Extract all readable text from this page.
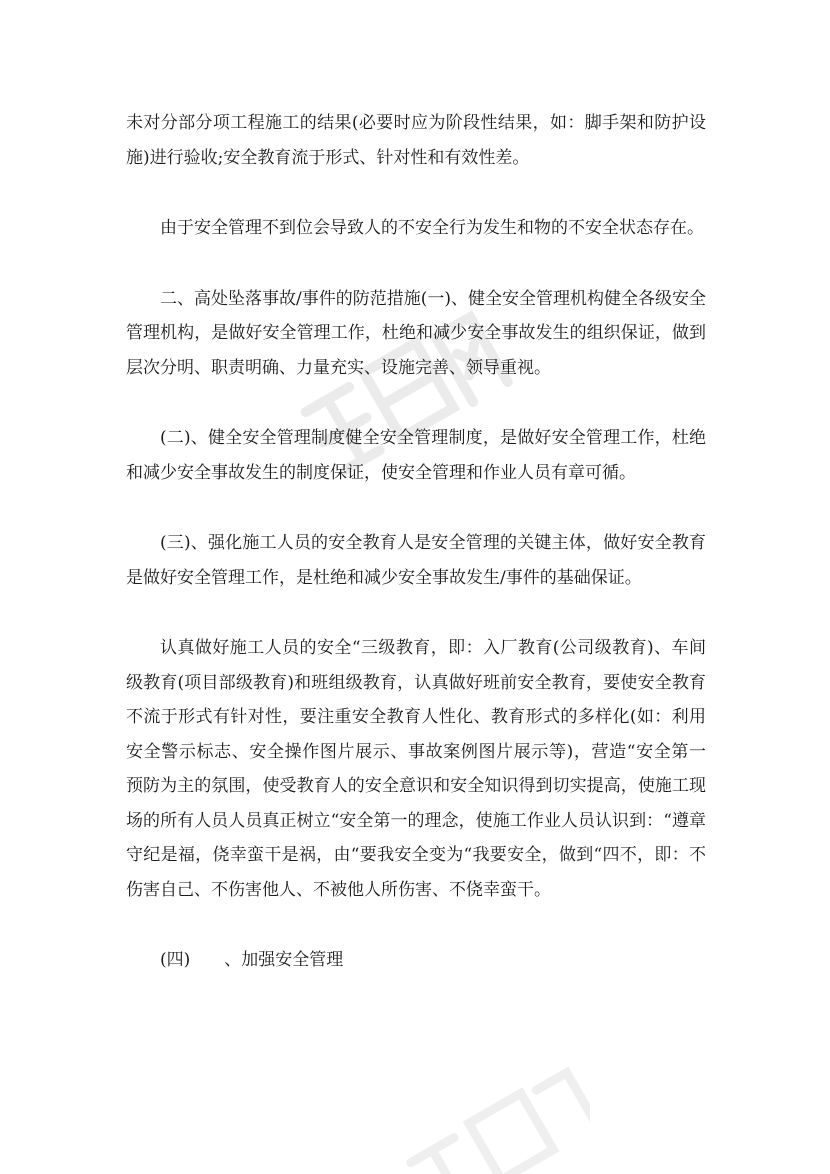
未对分部分项工程施工的结果(必要时应为阶段性结果，如：脚手架和防护设施)进行验收;安全教育流于形式、针对性和有效性差。

由于安全管理不到位会导致人的不安全行为发生和物的不安全状态存在。

二、高处坠落事故/事件的防范措施(一)、健全安全管理机构健全各级安全管理机构，是做好安全管理工作，杜绝和减少安全事故发生的组织保证，做到层次分明、职责明确、力量充实、设施完善、领导重视。

(二)、健全安全管理制度健全安全管理制度，是做好安全管理工作，杜绝和减少安全事故发生的制度保证，使安全管理和作业人员有章可循。

(三)、强化施工人员的安全教育人是安全管理的关键主体，做好安全教育是做好安全管理工作，是杜绝和减少安全事故发生/事件的基础保证。

认真做好施工人员的安全“三级教育，即：入厂教育(公司级教育)、车间级教育(项目部级教育)和班组级教育，认真做好班前安全教育，要使安全教育不流于形式有针对性，要注重安全教育人性化、教育形式的多样化(如：利用安全警示标志、安全操作图片展示、事故案例图片展示等)，营造“安全第一 预防为主的氛围，使受教育人的安全意识和安全知识得到切实提高，使施工现场的所有人员人员真正树立“安全第一的理念，使施工作业人员认识到：“遵章守纪是福，侥幸蛮干是祸，由“要我安全变为“我要安全，做到“四不，即：不伤害自己、不伤害他人、不被他人所伤害、不侥幸蛮干。

(四)　　、加强安全管理
